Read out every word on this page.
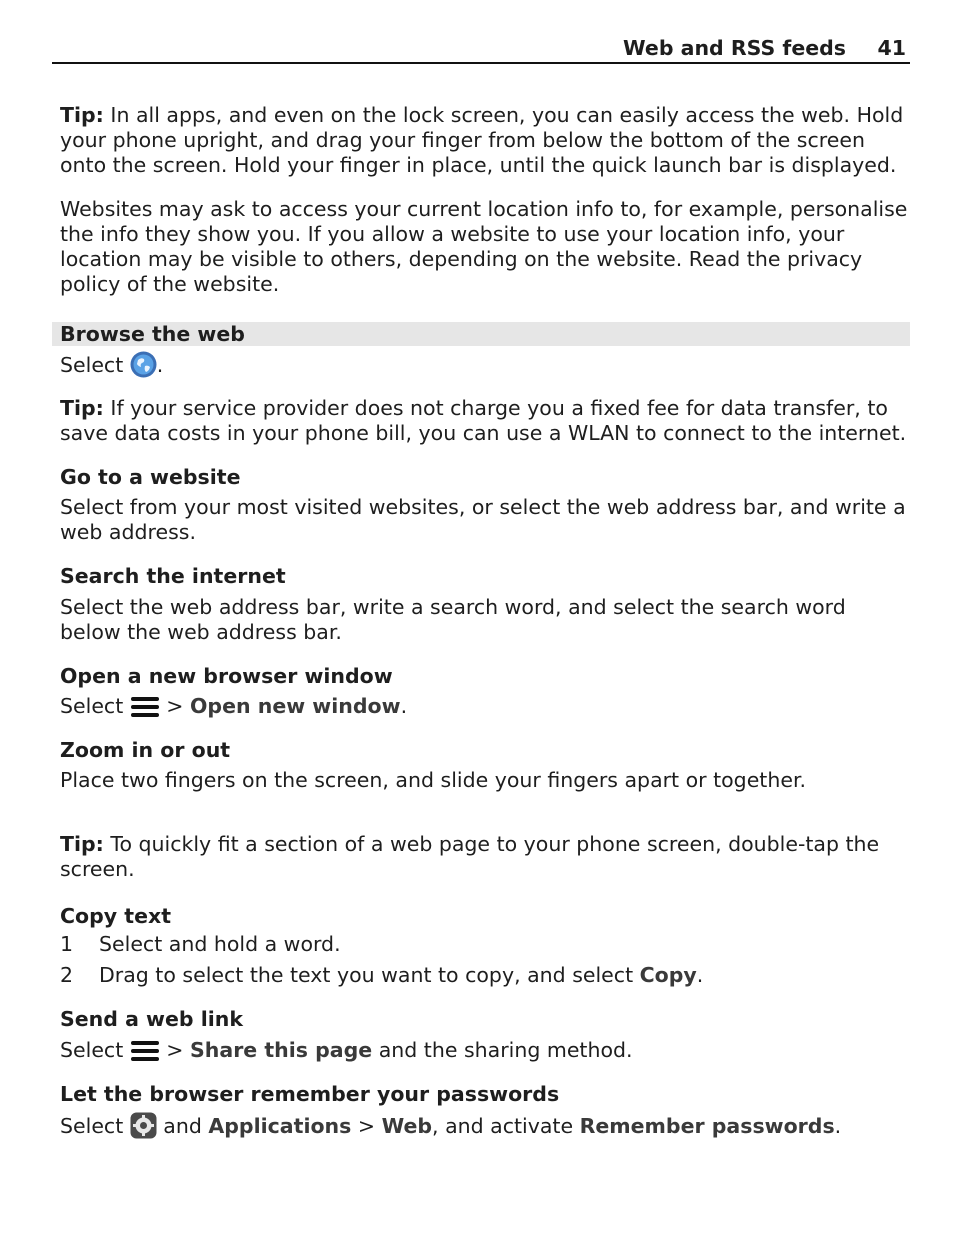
Web and RSS feeds 41

Tip: In all apps, and even on the lock screen, you can easily access the web. Hold your phone upright, and drag your finger from below the bottom of the screen onto the screen. Hold your finger in place, until the quick launch bar is displayed.

Websites may ask to access your current location info to, for example, personalise the info they show you. If you allow a website to use your location info, your location may be visible to others, depending on the website. Read the privacy policy of the website.

Browse the web

Select .

Tip: If your service provider does not charge you a fixed fee for data transfer, to save data costs in your phone bill, you can use a WLAN to connect to the internet.

Go to a website

Select from your most visited websites, or select the web address bar, and write a web address.

Search the internet

Select the web address bar, write a search word, and select the search word below the web address bar.

Open a new browser window

Select  > Open new window.

Zoom in or out

Place two fingers on the screen, and slide your fingers apart or together.

Tip: To quickly fit a section of a web page to your phone screen, double-tap the screen.

Copy text

1 Select and hold a word.
2 Drag to select the text you want to copy, and select Copy.

Send a web link

Select  > Share this page and the sharing method.

Let the browser remember your passwords

Select  and Applications > Web, and activate Remember passwords.
